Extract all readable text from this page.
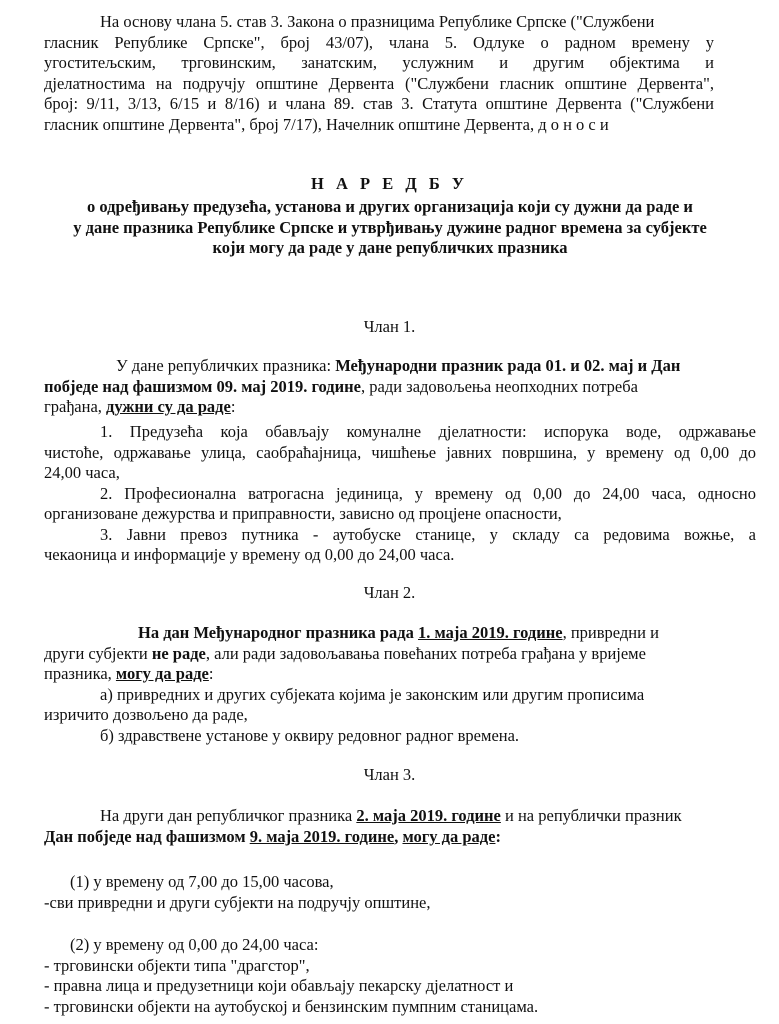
На основу члана 5. став 3. Закона о празницима Републике Српске ("Службени
гласник Републике Српске", број 43/07), члана 5. Одлуке о радном времену у
угоститељским, трговинским, занатским, услужним и другим објектима и
дјелатностима на подручју општине Дервента ("Службени гласник општине Дервента",
број: 9/11, 3/13, 6/15 и 8/16) и члана 89. став 3. Статута општине Дервента ("Службени
гласник општине Дервента", број 7/17), Начелник општине Дервента, д о н о с и
Н А Р Е Д Б У
о одређивању предузећа, установа и других организација који су дужни да раде и
у дане празника Републике Српске и утврђивању дужине радног времена за субјекте
који могу да раде у дане републичких празника
Члан 1.
У дане републичких празника: Међународни празник рада 01. и 02. мај и Дан
побједе над фашизмом 09. мај 2019. године, ради задовољења неопходних потреба
грађана, дужни су да раде:
1. Предузећа која обављају комуналне дјелатности: испорука воде, одржавање
чистоће, одржавање улица, саобраћајница, чишћење јавних површина, у времену од 0,00 до
24,00 часа,
2. Професионална ватрогасна јединица, у времену од 0,00 до 24,00 часа, односно
организоване дежурства и приправности, зависно од процјене опасности,
3. Јавни превоз путника - аутобуске станице, у складу са редовима вожње, а
чекаоница и информације у времену од 0,00 до 24,00 часа.
Члан 2.
На дан Међународног празника рада 1. маја 2019. године, привредни и
други субјекти не раде, али ради задовољавања повећаних потреба грађана у вријеме
празника, могу да раде:
а) привредних и других субјеката којима је законским или другим прописима
изричито дозвољено да раде,
б) здравствене установе у оквиру редовног радног времена.
Члан 3.
На други дан републичког празника 2. маја 2019. године и на републички празник
Дан побједе над фашизмом 9. маја 2019. године, могу да раде:
(1) у времену од 7,00 до 15,00 часова,
-сви привредни и други субјекти на подручју општине,
(2) у времену од 0,00 до 24,00 часа:
- трговински објекти типа "драгстор",
- правна лица и предузетници који обављају пекарску дјелатност и
- трговински објекти на аутобуској и бензинским пумпним станицама.
